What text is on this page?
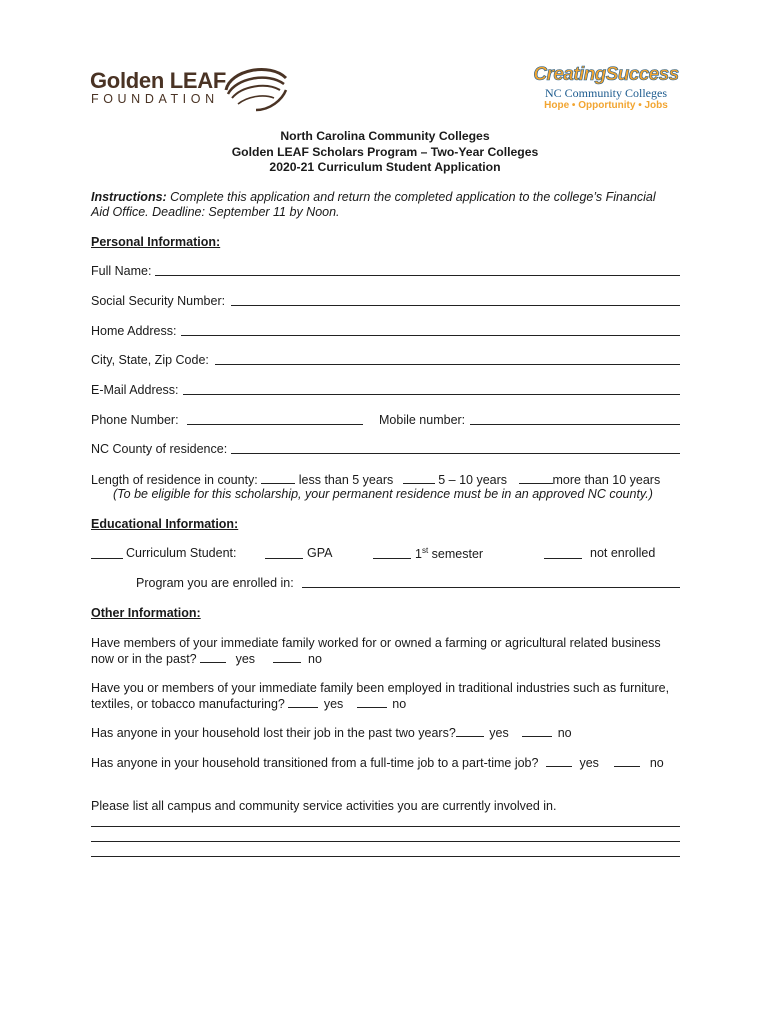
Golden LEAF
FOUNDATION
CreatingSuccess
NC Community Colleges
Hope • Opportunity • Jobs
North Carolina Community Colleges
Golden LEAF Scholars Program – Two-Year Colleges
2020-21 Curriculum Student Application
Instructions: Complete this application and return the completed application to the college’s Financial
Aid Office. Deadline: September 11 by Noon.
Personal Information:
Full Name:
Social Security Number:
Home Address:
City, State, Zip Code:
E-Mail Address:
Phone Number:	Mobile number:
NC County of residence:
Length of residence in county:	less than 5 years	5 – 10 years	more than 10 years
(To be eligible for this scholarship, your permanent residence must be in an approved NC county.)
Educational Information:
Curriculum Student:	GPA	1st semester	not enrolled
Program you are enrolled in:
Other Information:
Have members of your immediate family worked for or owned a farming or agricultural related business
now or in the past?	yes	no
Have you or members of your immediate family been employed in traditional industries such as furniture,
textiles, or tobacco manufacturing?	yes	no
Has anyone in your household lost their job in the past two years?	yes	no
Has anyone in your household transitioned from a full-time job to a part-time job?	yes	no
Please list all campus and community service activities you are currently involved in.
